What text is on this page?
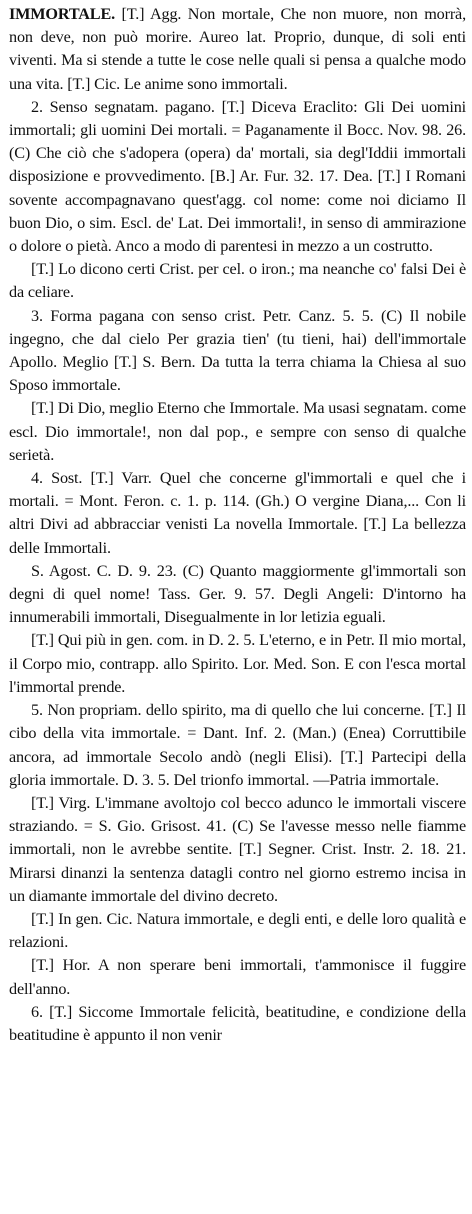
IMMORTALE. [T.] Agg. Non mortale, Che non muore, non morrà, non deve, non può morire. Aureo lat. Proprio, dunque, di soli enti viventi. Ma si stende a tutte le cose nelle quali si pensa a qualche modo una vita. [T.] Cic. Le anime sono immortali.

2. Senso segnatam. pagano. [T.] Diceva Eraclito: Gli Dei uomini immortali; gli uomini Dei mortali. = Paganamente il Bocc. Nov. 98. 26. (C) Che ciò che s'adopera (opera) da' mortali, sia degl'Iddii immortali disposizione e provvedimento. [B.] Ar. Fur. 32. 17. Dea. [T.] I Romani sovente accompagnavano quest'agg. col nome: come noi diciamo Il buon Dio, o sim. Escl. de' Lat. Dei immortali!, in senso di ammirazione o dolore o pietà. Anco a modo di parentesi in mezzo a un costrutto.

[T.] Lo dicono certi Crist. per cel. o iron.; ma neanche co' falsi Dei è da celiare.

3. Forma pagana con senso crist. Petr. Canz. 5. 5. (C) Il nobile ingegno, che dal cielo Per grazia tien' (tu tieni, hai) dell'immortale Apollo. Meglio [T.] S. Bern. Da tutta la terra chiama la Chiesa al suo Sposo immortale.

[T.] Di Dio, meglio Eterno che Immortale. Ma usasi segnatam. come escl. Dio immortale!, non dal pop., e sempre con senso di qualche serietà.

4. Sost. [T.] Varr. Quel che concerne gl'immortali e quel che i mortali. = Mont. Feron. c. 1. p. 114. (Gh.) O vergine Diana,... Con li altri Divi ad abbracciar venisti La novella Immortale. [T.] La bellezza delle Immortali.

S. Agost. C. D. 9. 23. (C) Quanto maggiormente gl'immortali son degni di quel nome! Tass. Ger. 9. 57. Degli Angeli: D'intorno ha innumerabili immortali, Disegualmente in lor letizia eguali.

[T.] Qui più in gen. com. in D. 2. 5. L'eterno, e in Petr. Il mio mortal, il Corpo mio, contrapp. allo Spirito. Lor. Med. Son. E con l'esca mortal l'immortal prende.

5. Non propriam. dello spirito, ma di quello che lui concerne. [T.] Il cibo della vita immortale. = Dant. Inf. 2. (Man.) (Enea) Corruttibile ancora, ad immortale Secolo andò (negli Elisi). [T.] Partecipi della gloria immortale. D. 3. 5. Del trionfo immortal. —Patria immortale.

[T.] Virg. L'immane avoltojo col becco adunco le immortali viscere straziando. = S. Gio. Grisost. 41. (C) Se l'avesse messo nelle fiamme immortali, non le avrebbe sentite. [T.] Segner. Crist. Instr. 2. 18. 21. Mirarsi dinanzi la sentenza datagli contro nel giorno estremo incisa in un diamante immortale del divino decreto.

[T.] In gen. Cic. Natura immortale, e degli enti, e delle loro qualità e relazioni.

[T.] Hor. A non sperare beni immortali, t'ammonisce il fuggire dell'anno.

6. [T.] Siccome Immortale felicità, beatitudine, e condizione della beatitudine è appunto il non venir
